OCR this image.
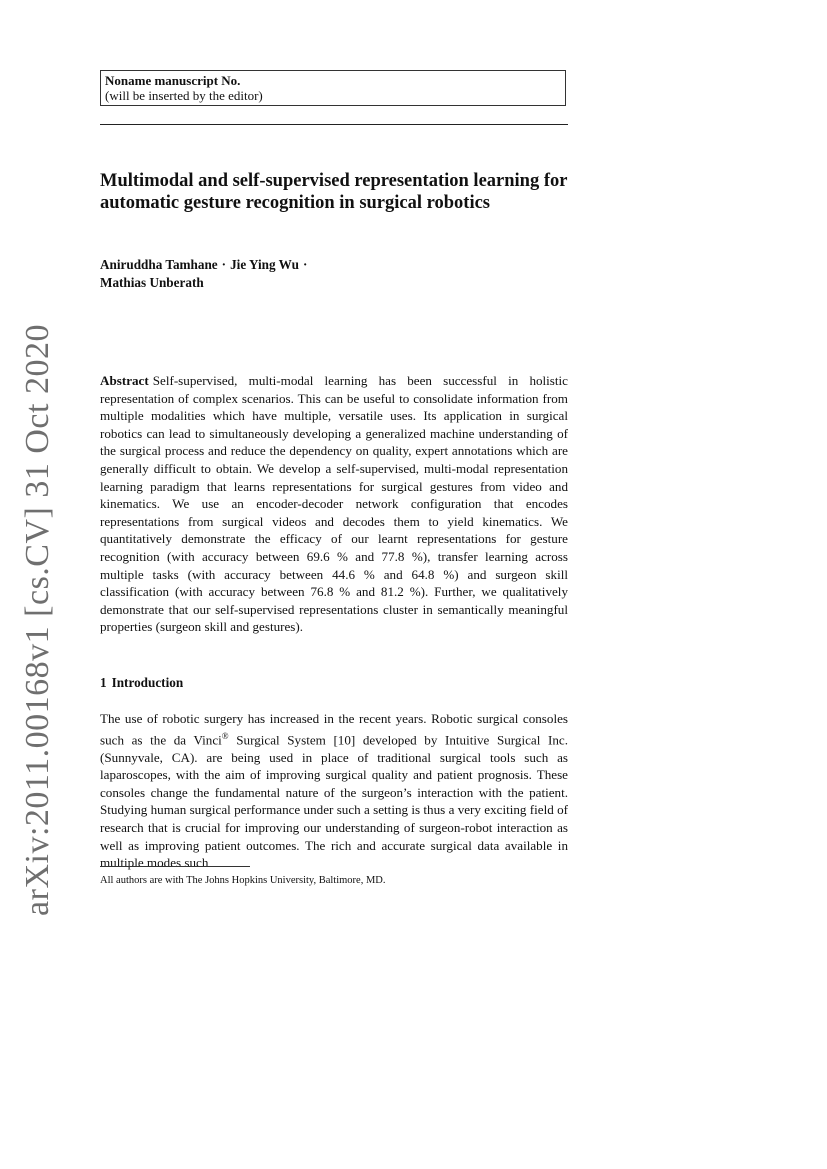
arXiv:2011.00168v1 [cs.CV] 31 Oct 2020
Noname manuscript No.
(will be inserted by the editor)
Multimodal and self-supervised representation learning for automatic gesture recognition in surgical robotics
Aniruddha Tamhane · Jie Ying Wu ·
Mathias Unberath

Abstract Self-supervised, multi-modal learning has been successful in holistic representation of complex scenarios. This can be useful to consolidate information from multiple modalities which have multiple, versatile uses. Its application in surgical robotics can lead to simultaneously developing a generalized machine understanding of the surgical process and reduce the dependency on quality, expert annotations which are generally difficult to obtain. We develop a self-supervised, multi-modal representation learning paradigm that learns representations for surgical gestures from video and kinematics. We use an encoder-decoder network configuration that encodes representations from surgical videos and decodes them to yield kinematics. We quantitatively demonstrate the efficacy of our learnt representations for gesture recognition (with accuracy between 69.6 % and 77.8 %), transfer learning across multiple tasks (with accuracy between 44.6 % and 64.8 %) and surgeon skill classification (with accuracy between 76.8 % and 81.2 %). Further, we qualitatively demonstrate that our self-supervised representations cluster in semantically meaningful properties (surgeon skill and gestures).

1 Introduction

The use of robotic surgery has increased in the recent years. Robotic surgical consoles such as the da Vinci® Surgical System [10] developed by Intuitive Surgical Inc. (Sunnyvale, CA). are being used in place of traditional surgical tools such as laparoscopes, with the aim of improving surgical quality and patient prognosis. These consoles change the fundamental nature of the surgeon’s interaction with the patient. Studying human surgical performance under such a setting is thus a very exciting field of research that is crucial for improving our understanding of surgeon-robot interaction as well as improving patient outcomes. The rich and accurate surgical data available in multiple modes such

All authors are with The Johns Hopkins University, Baltimore, MD.
